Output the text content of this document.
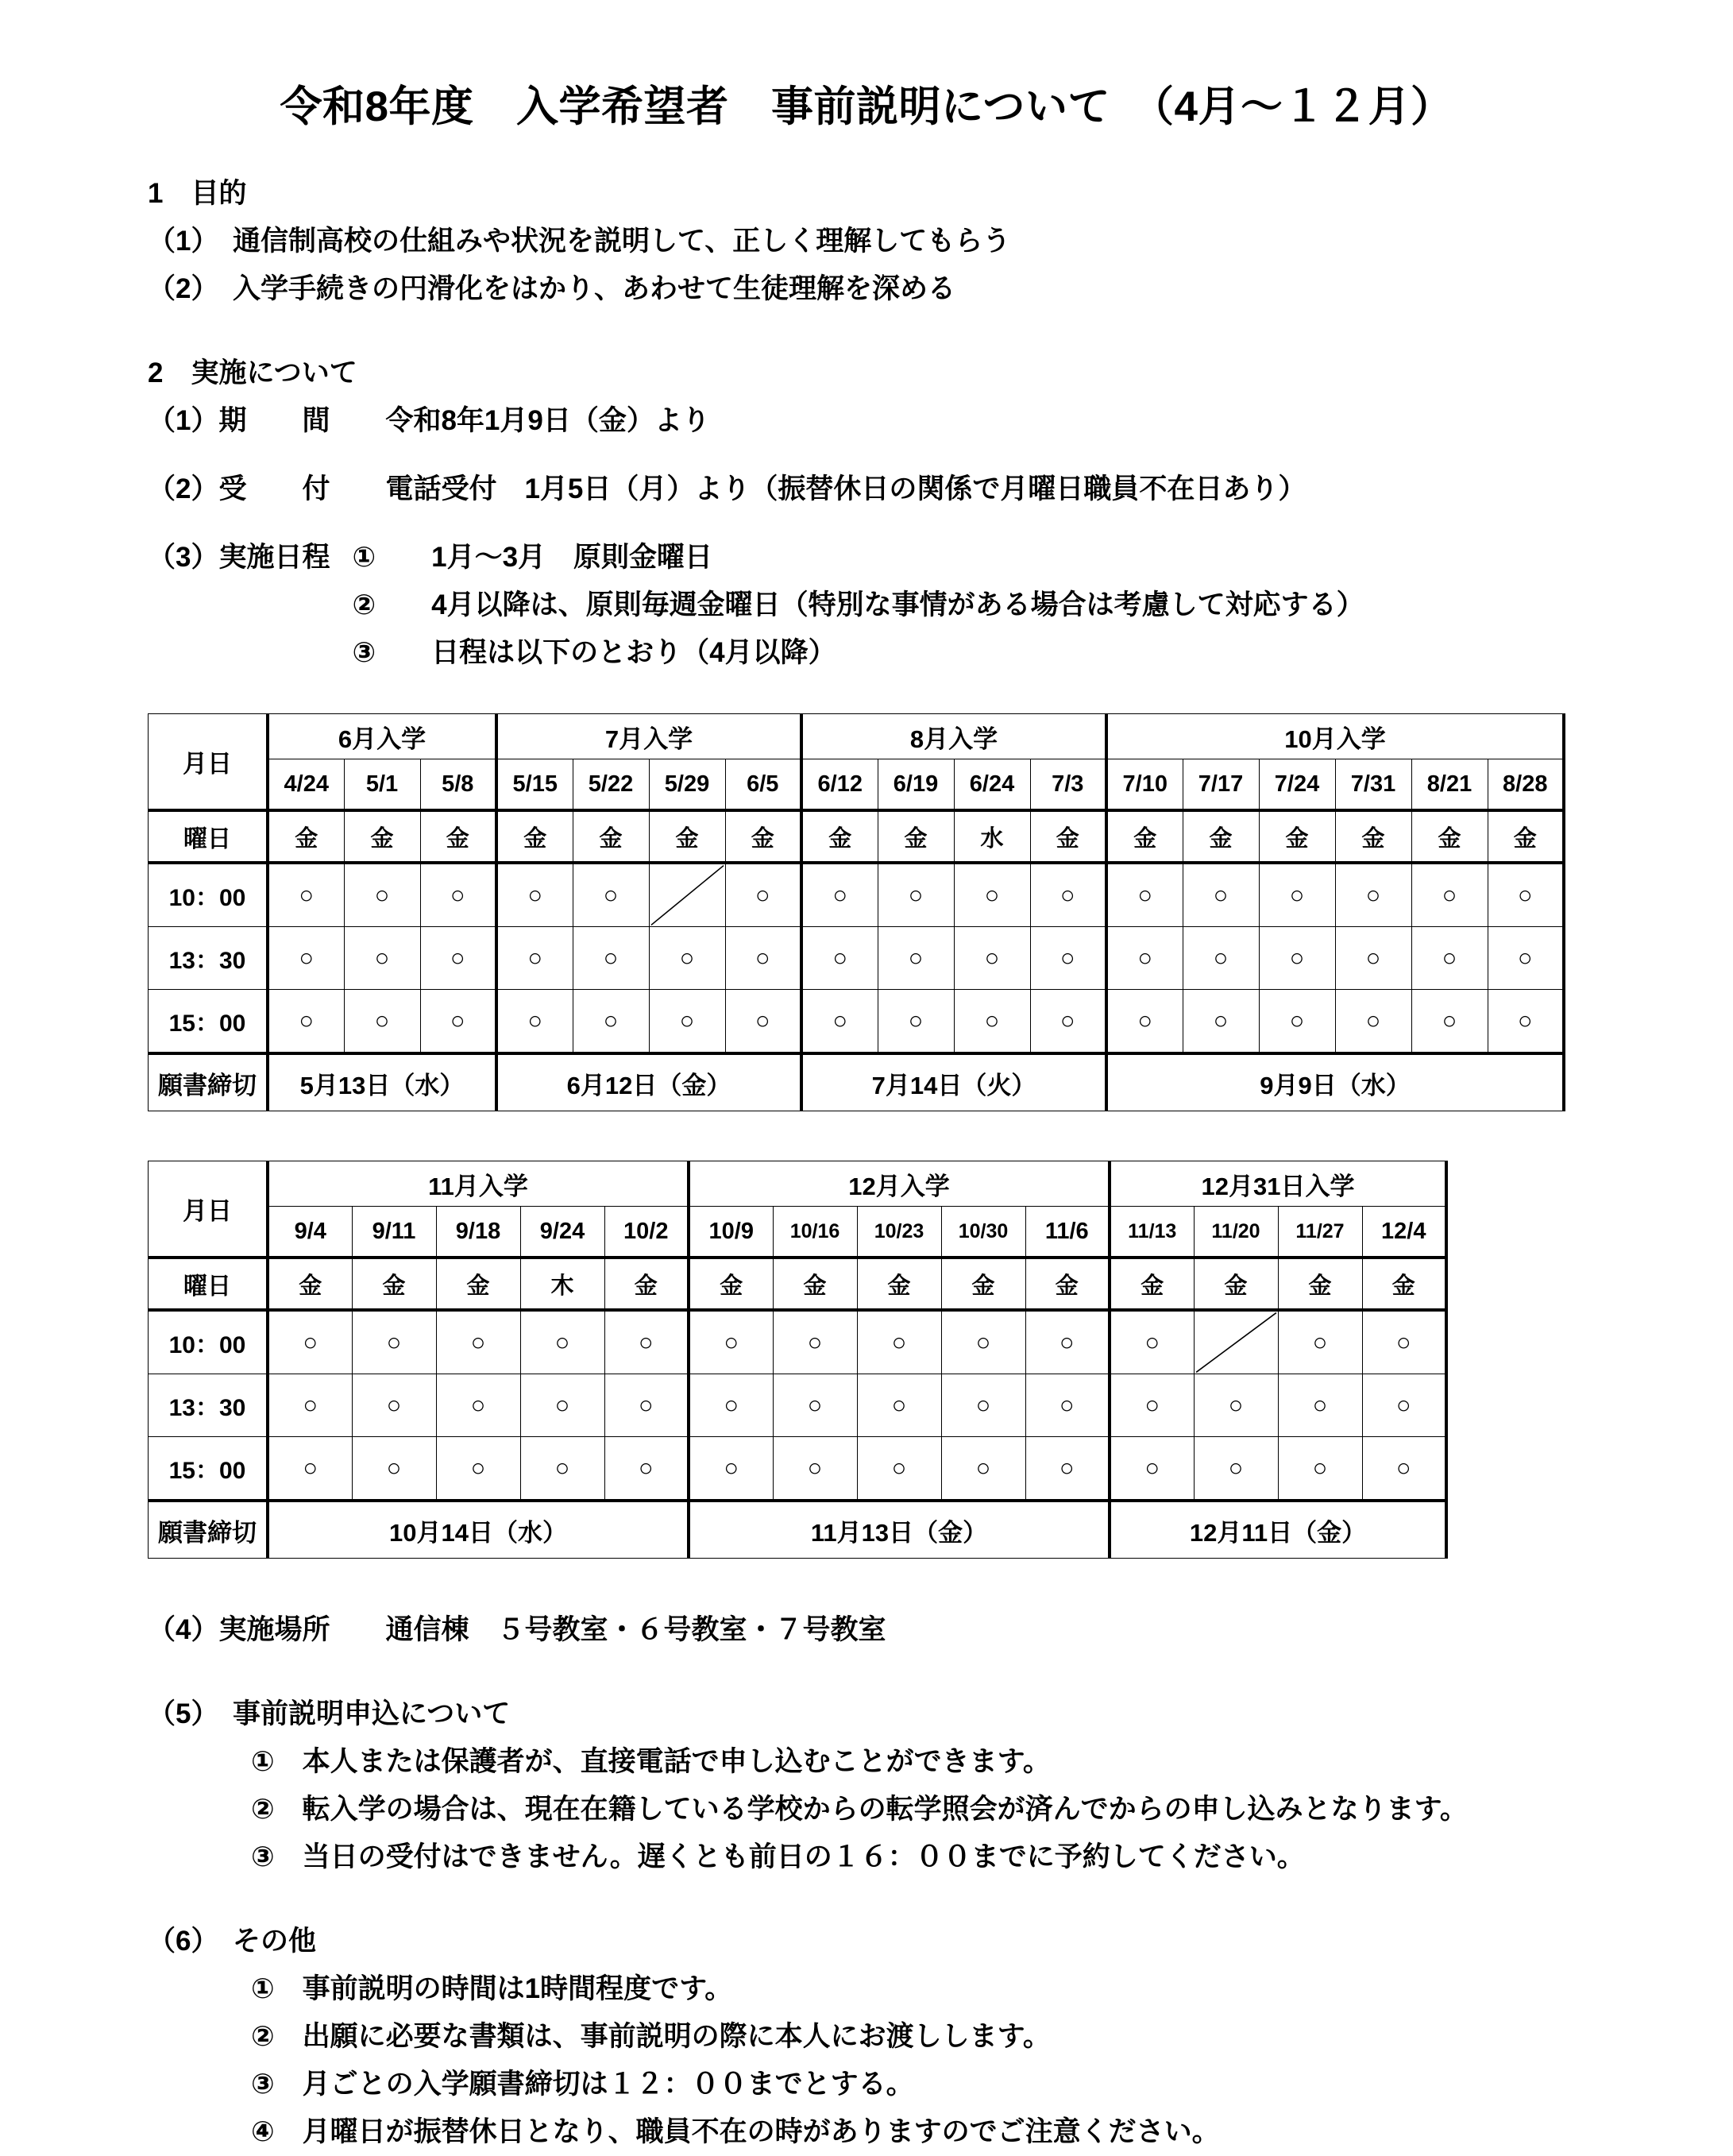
令和8年度　入学希望者　事前説明について　（4月～１２月）
1　目的
（1）　通信制高校の仕組みや状況を説明して、正しく理解してもらう
（2）　入学手続きの円滑化をはかり、あわせて生徒理解を深める
2　実施について
（1）期　　間　　令和8年1月9日（金）より
（2）受　　付　　電話受付　1月5日（月）より（振替休日の関係で月曜日職員不在日あり）
（3）実施日程 ①　　1月～3月　原則金曜日
②　　4月以降は、原則毎週金曜日（特別な事情がある場合は考慮して対応する）
③　　日程は以下のとおり（4月以降）
月日	6月入学			7月入学				8月入学				10月入学					
	4/24	5/1	5/8	5/15	5/22	5/29	6/5	6/12	6/19	6/24	7/3	7/10	7/17	7/24	7/31	8/21	8/28
曜日	金	金	金	金	金	金	金	金	金	水	金	金	金	金	金	金	金
10：00	○	○	○	○	○		○	○	○	○	○	○	○	○	○	○	○
13：30	○	○	○	○	○	○	○	○	○	○	○	○	○	○	○	○	○
15：00	○	○	○	○	○	○	○	○	○	○	○	○	○	○	○	○	○
願書締切	5月13日（水）			6月12日（金）				7月14日（火）				9月9日（水）					
月日	11月入学					12月入学					12月31日入学			
	9/4	9/11	9/18	9/24	10/2	10/9	10/16	10/23	10/30	11/6	11/13	11/20	11/27	12/4
曜日	金	金	金	木	金	金	金	金	金	金	金	金	金	金
10：00	○	○	○	○	○	○	○	○	○	○	○		○	○
13：30	○	○	○	○	○	○	○	○	○	○	○	○	○	○
15：00	○	○	○	○	○	○	○	○	○	○	○	○	○	○
願書締切	10月14日（水）					11月13日（金）					12月11日（金）			
（4）実施場所　　通信棟　５号教室・６号教室・７号教室
（5）　事前説明申込について
①　本人または保護者が、直接電話で申し込むことができます。
②　転入学の場合は、現在在籍している学校からの転学照会が済んでからの申し込みとなります。
③　当日の受付はできません。遅くとも前日の１６：００までに予約してください。
（6）　その他
①　事前説明の時間は1時間程度です。
②　出願に必要な書類は、事前説明の際に本人にお渡しします。
③　月ごとの入学願書締切は１２：００までとする。
④　月曜日が振替休日となり、職員不在の時がありますのでご注意ください。
